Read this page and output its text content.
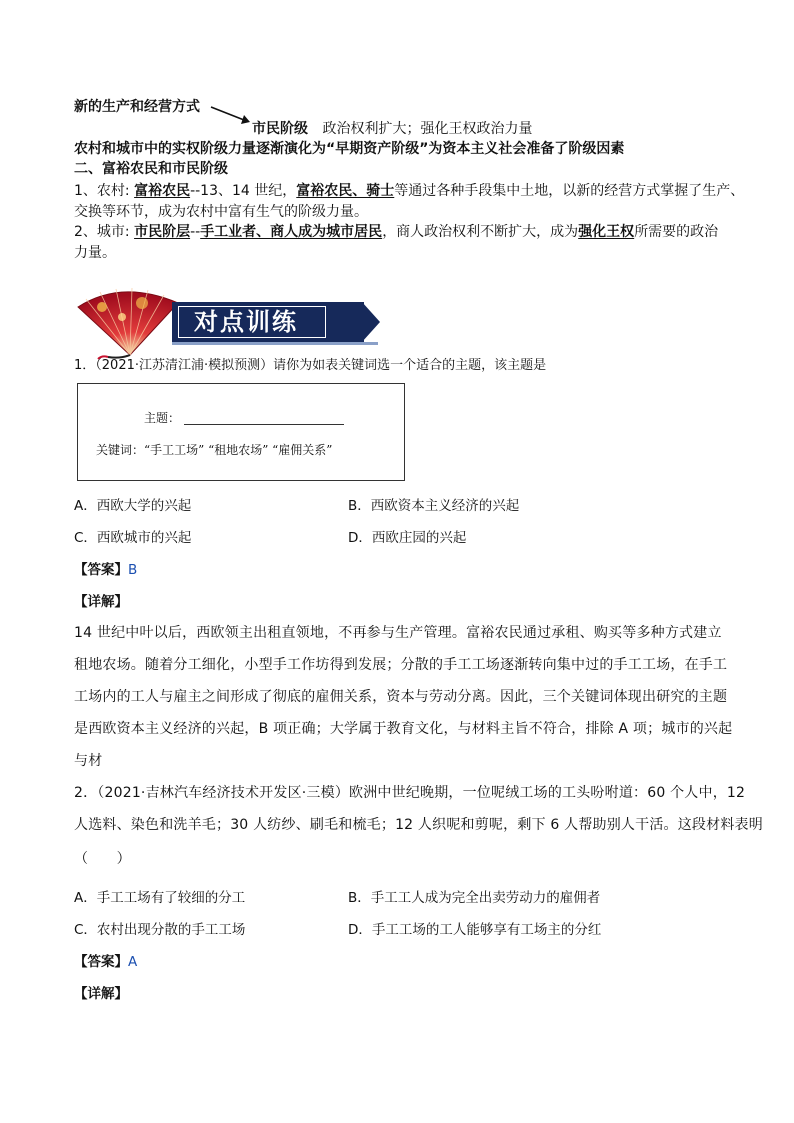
新的生产和经营方式
市民阶级 政治权利扩大；强化王权政治力量
农村和城市中的实权阶级力量逐渐演化为“早期资产阶级”为资本主义社会准备了阶级因素
二、富裕农民和市民阶级
1、农村: 富裕农民--13、14 世纪，富裕农民、骑士等通过各种手段集中土地，以新的经营方式掌握了生产、
交换等环节，成为农村中富有生气的阶级力量。
2、城市: 市民阶层--手工业者、商人成为城市居民，商人政治权利不断扩大，成为强化王权所需要的政治
力量。
对点训练
1．（2021·江苏清江浦·模拟预测）请你为如表关键词选一个适合的主题，该主题是
主题：
关键词：“手工工场” “租地农场” “雇佣关系”
A．西欧大学的兴起	B．西欧资本主义经济的兴起
C．西欧城市的兴起	D．西欧庄园的兴起
【答案】B
【详解】
14 世纪中叶以后，西欧领主出租直领地，不再参与生产管理。富裕农民通过承租、购买等多种方式建立
租地农场。随着分工细化，小型手工作坊得到发展；分散的手工工场逐渐转向集中过的手工工场，在手工
工场内的工人与雇主之间形成了彻底的雇佣关系，资本与劳动分离。因此，三个关键词体现出研究的主题
是西欧资本主义经济的兴起，B 项正确；大学属于教育文化，与材料主旨不符合，排除 A 项；城市的兴起
与材
2．（2021·吉林汽车经济技术开发区·三模）欧洲中世纪晚期，一位呢绒工场的工头吩咐道：60 个人中，12
人选料、染色和洗羊毛；30 人纺纱、刷毛和梳毛；12 人织呢和剪呢，剩下 6 人帮助别人干活。这段材料表明
（　　）
A．手工工场有了较细的分工	B．手工工人成为完全出卖劳动力的雇佣者
C．农村出现分散的手工工场	D．手工工场的工人能够享有工场主的分红
【答案】A
【详解】
